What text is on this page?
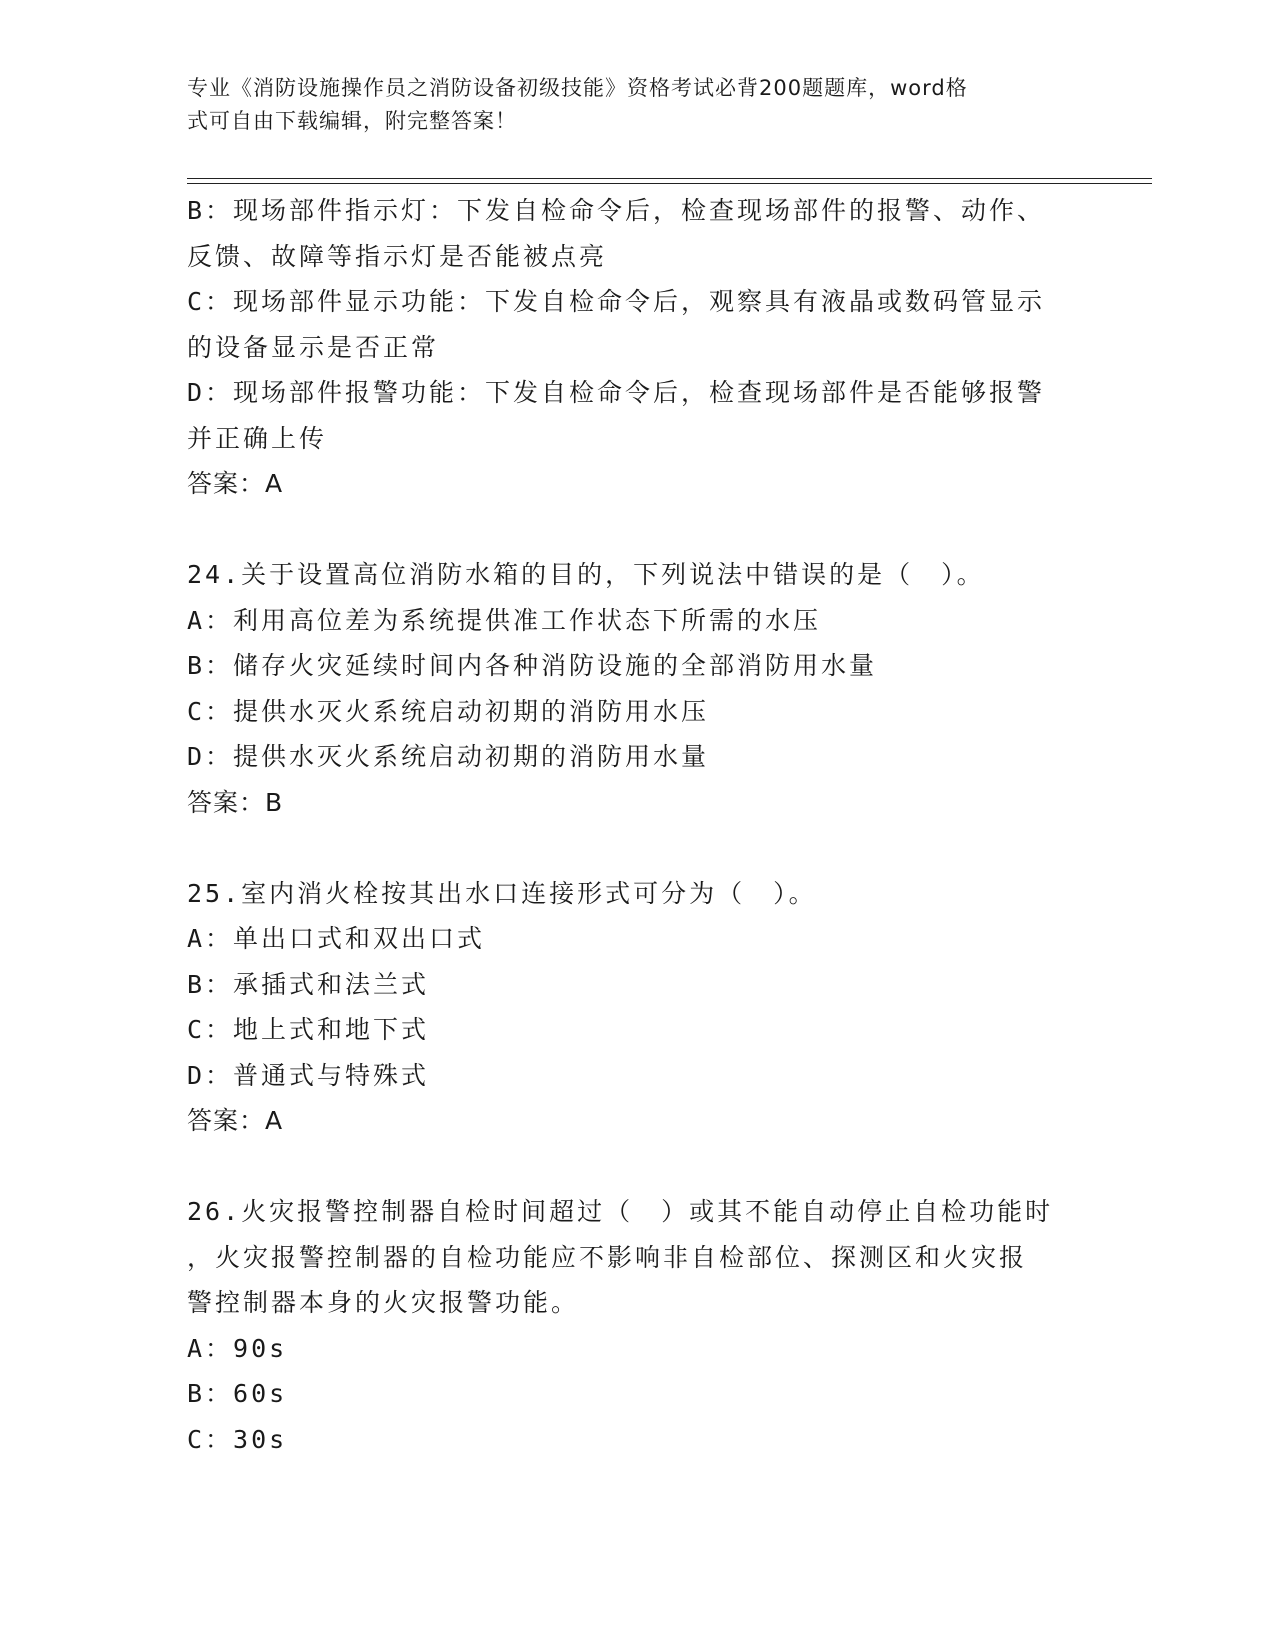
专业《消防设施操作员之消防设备初级技能》资格考试必背200题题库，word格
式可自由下载编辑，附完整答案！
B：现场部件指示灯：下发自检命令后，检查现场部件的报警、动作、
反馈、故障等指示灯是否能被点亮
C：现场部件显示功能：下发自检命令后，观察具有液晶或数码管显示
的设备显示是否正常
D：现场部件报警功能：下发自检命令后，检查现场部件是否能够报警
并正确上传
答案：A
24.关于设置高位消防水箱的目的，下列说法中错误的是（　）。
A：利用高位差为系统提供准工作状态下所需的水压
B：储存火灾延续时间内各种消防设施的全部消防用水量
C：提供水灭火系统启动初期的消防用水压
D：提供水灭火系统启动初期的消防用水量
答案：B
25.室内消火栓按其出水口连接形式可分为（　）。
A：单出口式和双出口式
B：承插式和法兰式
C：地上式和地下式
D：普通式与特殊式
答案：A
26.火灾报警控制器自检时间超过（　）或其不能自动停止自检功能时
，火灾报警控制器的自检功能应不影响非自检部位、探测区和火灾报
警控制器本身的火灾报警功能。
A：90s
B：60s
C：30s
